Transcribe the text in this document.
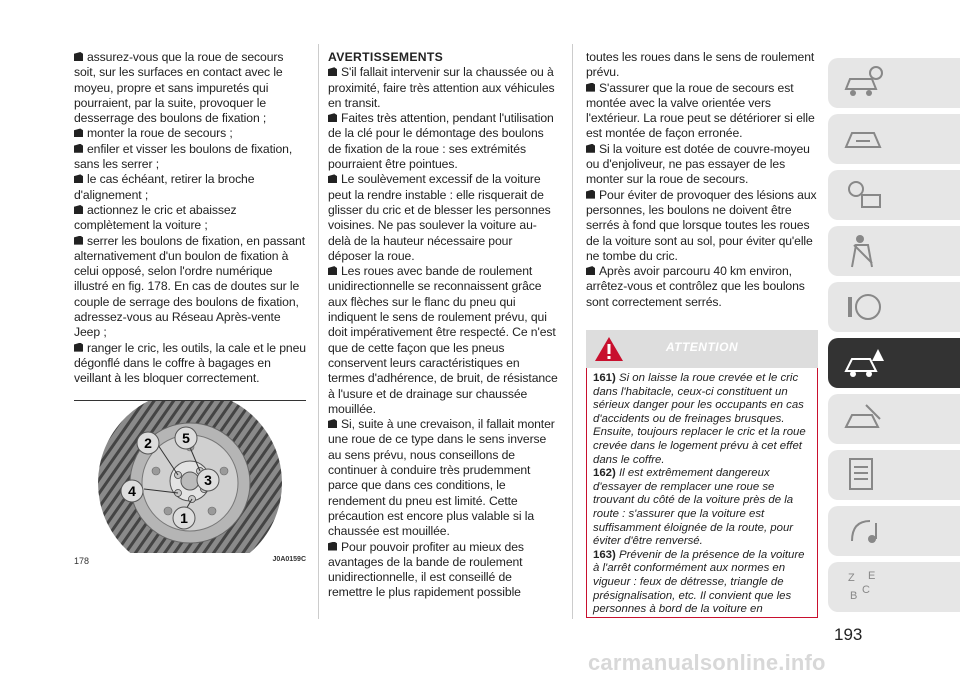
assurez-vous que la roue de secours soit, sur les surfaces en contact avec le moyeu, propre et sans impuretés qui pourraient, par la suite, provoquer le desserrage des boulons de fixation ;

monter la roue de secours ;

enfiler et visser les boulons de fixation, sans les serrer ;

le cas échéant, retirer la broche d'alignement ;

actionnez le cric et abaissez complètement la voiture ;

serrer les boulons de fixation, en passant alternativement d'un boulon de fixation à celui opposé, selon l'ordre numérique illustré en fig. 178. En cas de doutes sur le couple de serrage des boulons de fixation, adressez-vous au Réseau Après-vente Jeep ;

ranger le cric, les outils, la cale et le pneu dégonflé dans le coffre à bagages en veillant à les bloquer correctement.

2 5
3
4
1
178	J0A0159C

AVERTISSEMENTS

S'il fallait intervenir sur la chaussée ou à proximité, faire très attention aux véhicules en transit.

Faites très attention, pendant l'utilisation de la clé pour le démontage des boulons de fixation de la roue : ses extrémités pourraient être pointues.

Le soulèvement excessif de la voiture peut la rendre instable : elle risquerait de glisser du cric et de blesser les personnes voisines. Ne pas soulever la voiture au-delà de la hauteur nécessaire pour déposer la roue.

Les roues avec bande de roulement unidirectionnelle se reconnaissent grâce aux flèches sur le flanc du pneu qui indiquent le sens de roulement prévu, qui doit impérativement être respecté. Ce n'est que de cette façon que les pneus conservent leurs caractéristiques en termes d'adhérence, de bruit, de résistance à l'usure et de drainage sur chaussée mouillée.

Si, suite à une crevaison, il fallait monter une roue de ce type dans le sens inverse au sens prévu, nous conseillons de continuer à conduire très prudemment parce que dans ces conditions, le rendement du pneu est limité. Cette précaution est encore plus valable si la chaussée est mouillée.

Pour pouvoir profiter au mieux des avantages de la bande de roulement unidirectionnelle, il est conseillé de remettre le plus rapidement possible

toutes les roues dans le sens de roulement prévu.

S'assurer que la roue de secours est montée avec la valve orientée vers l'extérieur. La roue peut se détériorer si elle est montée de façon erronée.

Si la voiture est dotée de couvre-moyeu ou d'enjoliveur, ne pas essayer de les monter sur la roue de secours.

Pour éviter de provoquer des lésions aux personnes, les boulons ne doivent être serrés à fond que lorsque toutes les roues de la voiture sont au sol, pour éviter qu'elle ne tombe du cric.

Après avoir parcouru 40 km environ, arrêtez-vous et contrôlez que les boulons sont correctement serrés.

ATTENTION
161) Si on laisse la roue crevée et le cric dans l'habitacle, ceux-ci constituent un sérieux danger pour les occupants en cas d'accidents ou de freinages brusques. Ensuite, toujours replacer le cric et la roue crevée dans le logement prévu à cet effet dans le coffre.
162) Il est extrêmement dangereux d'essayer de remplacer une roue se trouvant du côté de la voiture près de la route : s'assurer que la voiture est suffisamment éloignée de la route, pour éviter d'être renversé.
163) Prévenir de la présence de la voiture à l'arrêt conformément aux normes en vigueur : feux de détresse, triangle de présignalisation, etc. Il convient que les personnes à bord de la voiture en
Z E
B C
193
carmanualsonline.info
